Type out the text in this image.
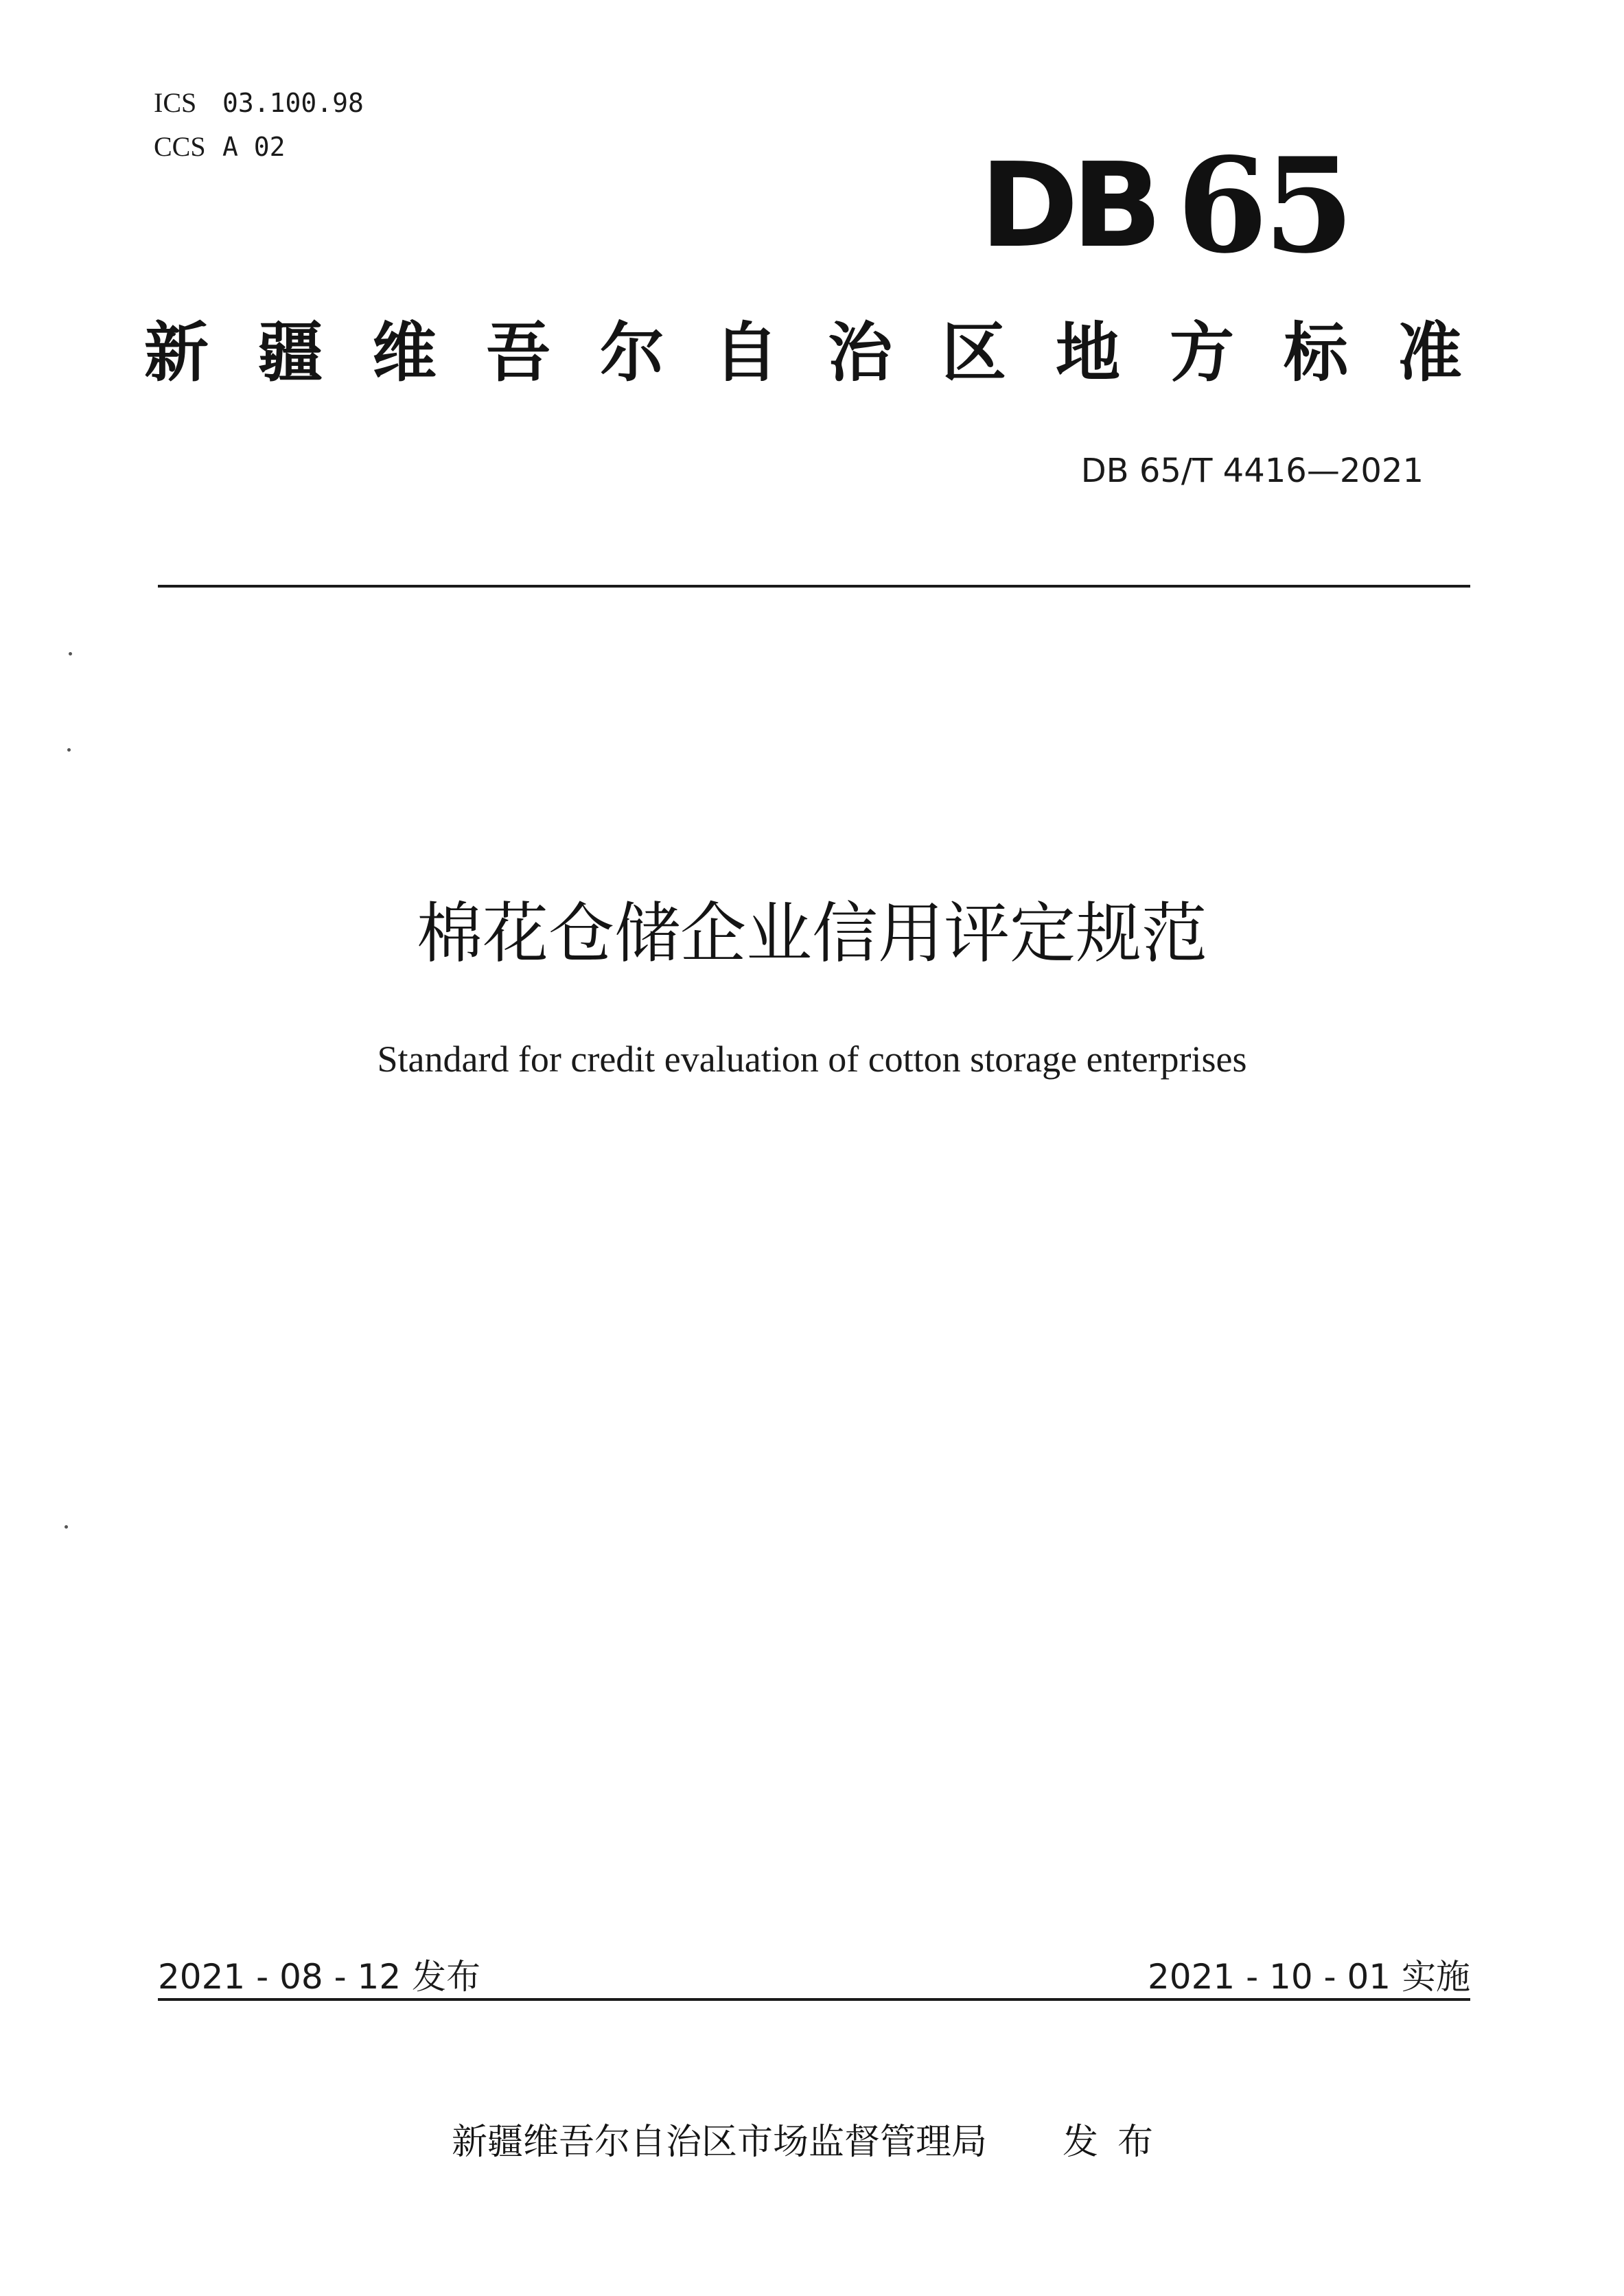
ICS 03.100.98
CCS A 02	DB 65
新疆维吾尔自治区地方标准
DB 65/T 4416—2021
棉花仓储企业信用评定规范
Standard for credit evaluation of cotton storage enterprises
2021 - 08 - 12 发布	2021 - 10 - 01 实施
新疆维吾尔自治区市场监督管理局 发布
